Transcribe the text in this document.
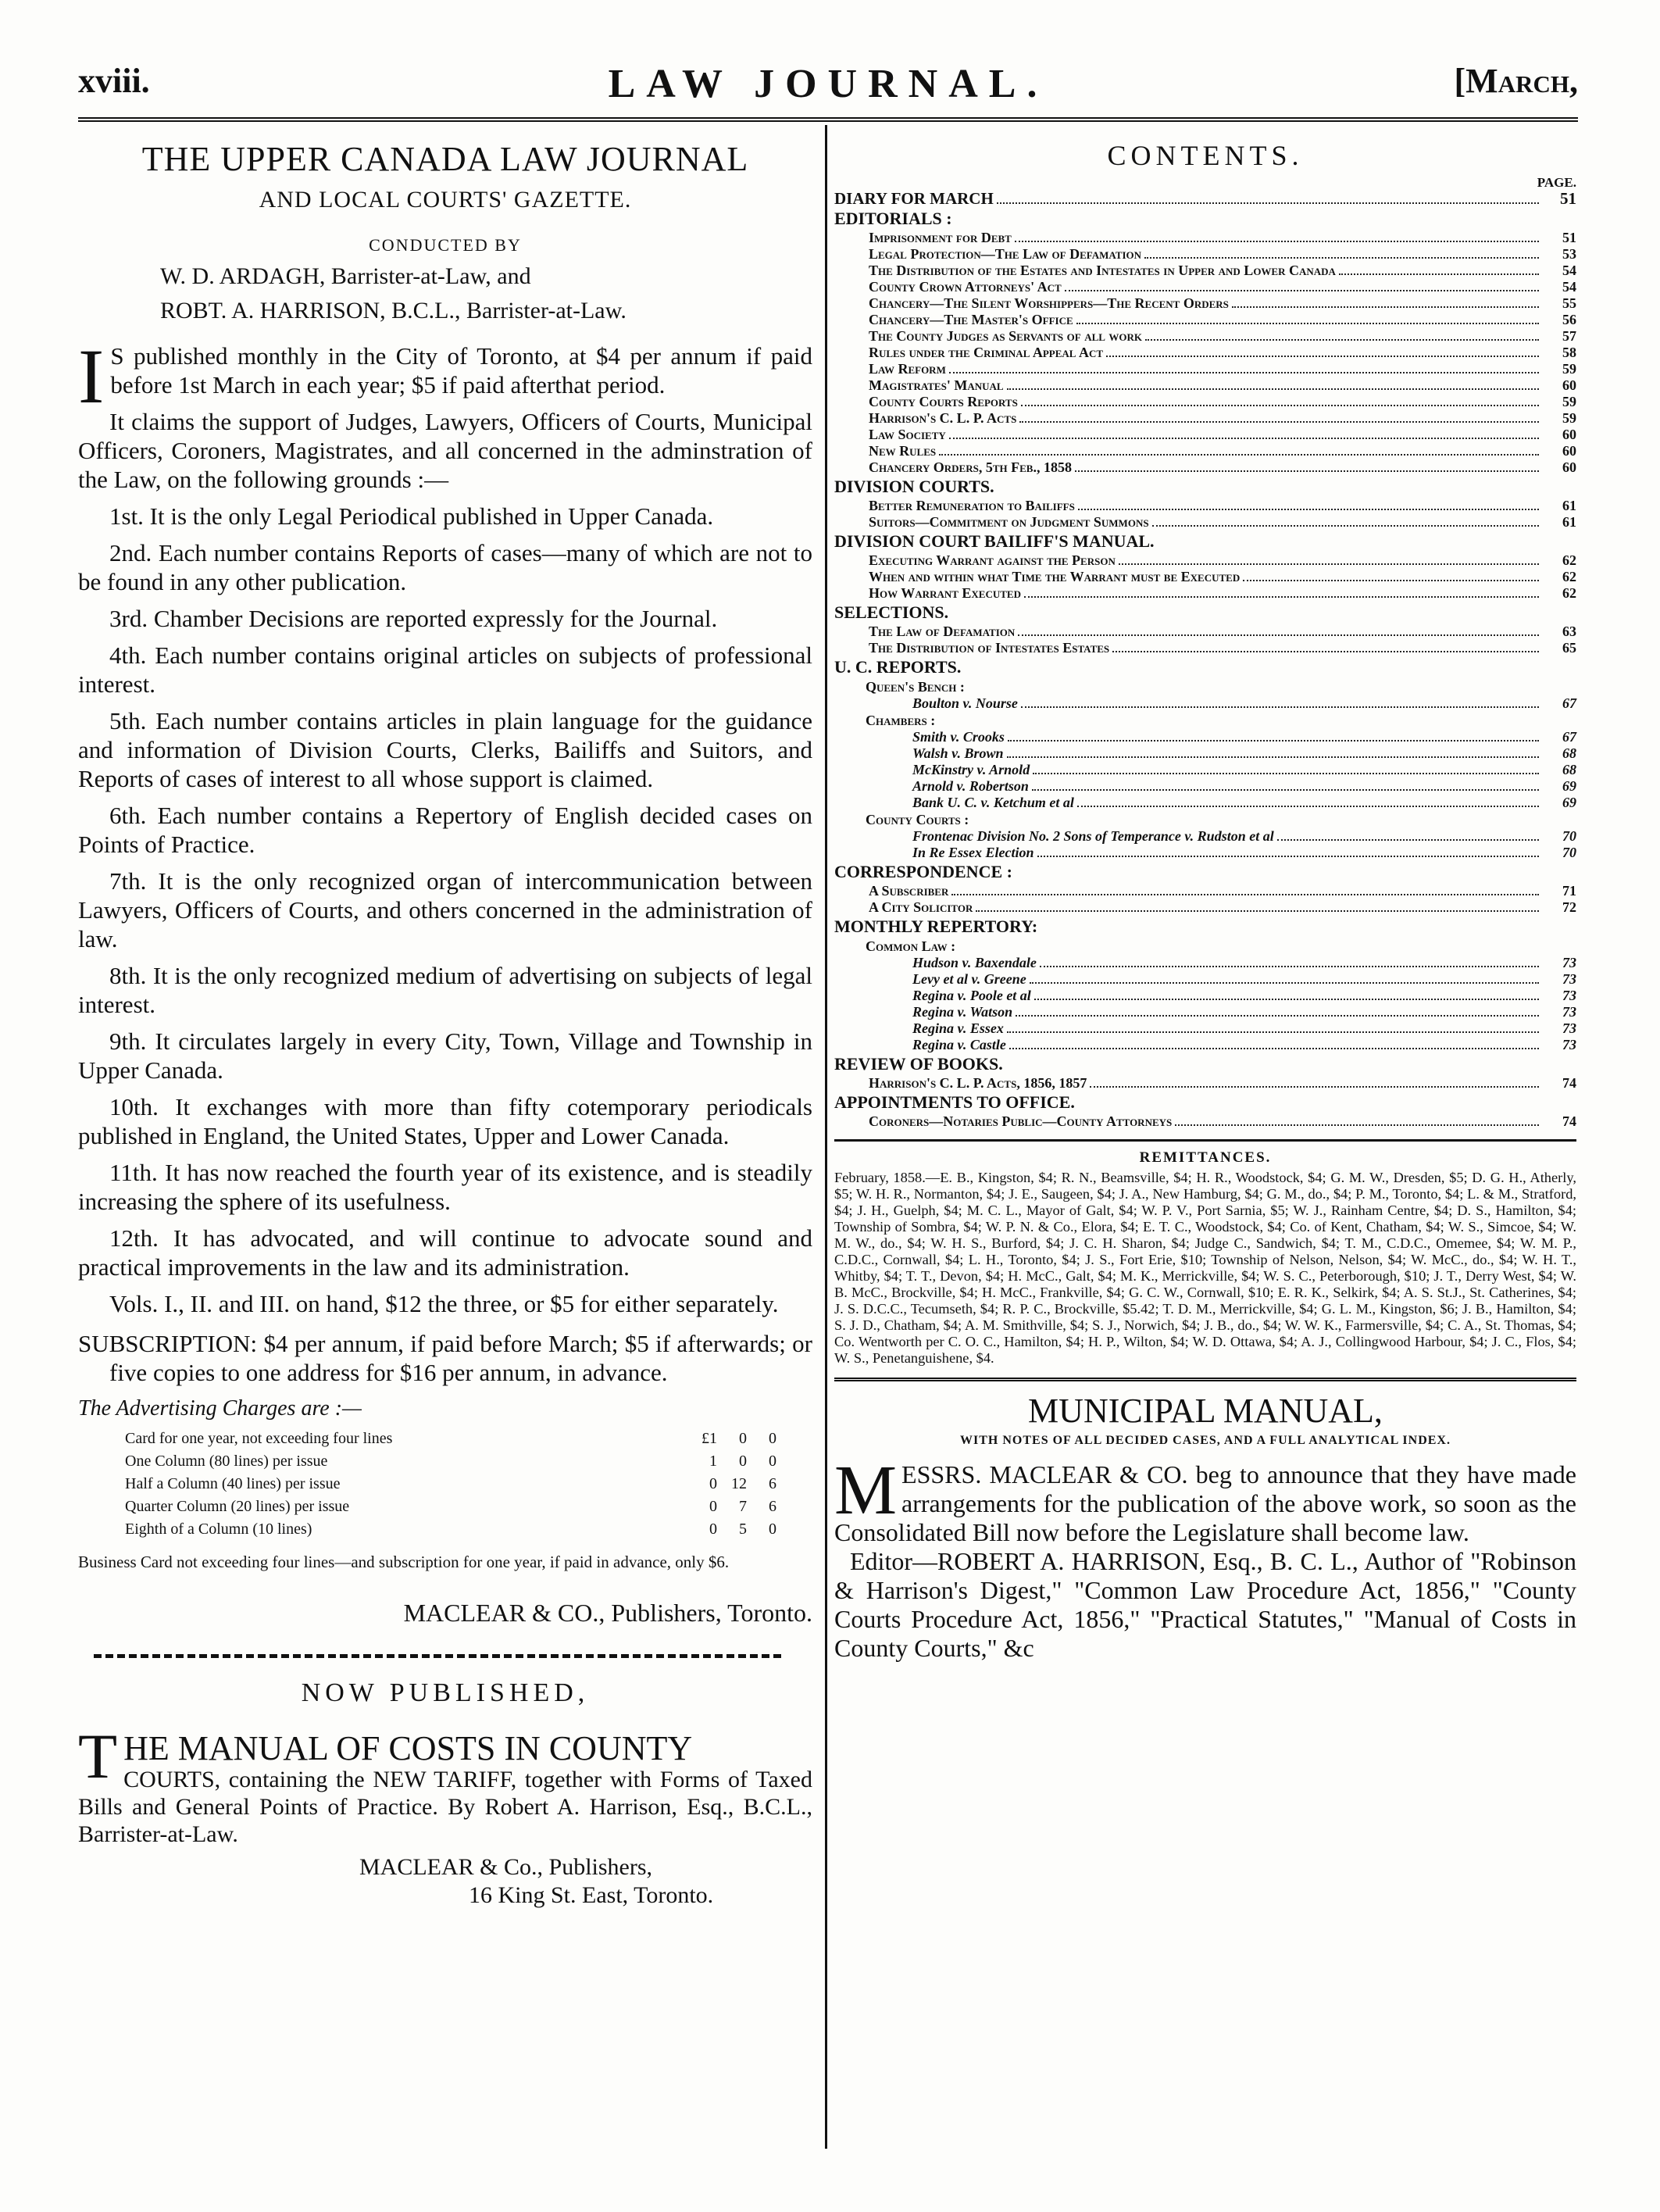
xviii.	LAW JOURNAL.	[March,
THE UPPER CANADA LAW JOURNAL
AND LOCAL COURTS' GAZETTE.
CONDUCTED BY
W. D. ARDAGH, Barrister-at-Law, and
ROBT. A. HARRISON, B.C.L., Barrister-at-Law.

I S published monthly in the City of Toronto, at $4 per annum if paid before 1st March in each year; $5 if paid afterthat period.

It claims the support of Judges, Lawyers, Officers of Courts, Municipal Officers, Coroners, Magistrates, and all concerned in the adminstration of the Law, on the following grounds :—

1st. It is the only Legal Periodical published in Upper Canada.

2nd. Each number contains Reports of cases—many of which are not to be found in any other publication.

3rd. Chamber Decisions are reported expressly for the Journal.

4th. Each number contains original articles on subjects of professional interest.

5th. Each number contains articles in plain language for the guidance and information of Division Courts, Clerks, Bailiffs and Suitors, and Reports of cases of interest to all whose support is claimed.

6th. Each number contains a Repertory of English decided cases on Points of Practice.

7th. It is the only recognized organ of intercommunication between Lawyers, Officers of Courts, and others concerned in the administration of law.

8th. It is the only recognized medium of advertising on subjects of legal interest.

9th. It circulates largely in every City, Town, Village and Township in Upper Canada.

10th. It exchanges with more than fifty cotemporary periodicals published in England, the United States, Upper and Lower Canada.

11th. It has now reached the fourth year of its existence, and is steadily increasing the sphere of its usefulness.

12th. It has advocated, and will continue to advocate sound and practical improvements in the law and its administration.

Vols. I., II. and III. on hand, $12 the three, or $5 for either separately.

SUBSCRIPTION: $4 per annum, if paid before March; $5 if afterwards; or five copies to one address for $16 per annum, in advance.

The Advertising Charges are :—
Card for one year, not exceeding four lines	£1	0	0
One Column (80 lines) per issue	1	0	0
Half a Column (40 lines) per issue	0	12	6
Quarter Column (20 lines) per issue	0	7	6
Eighth of a Column (10 lines)	0	5	0
Business Card not exceeding four lines—and subscription for one year, if paid in advance, only $6.
MACLEAR & CO., Publishers, Toronto.
NOW PUBLISHED,
THE MANUAL OF COSTS IN COUNTY
COURTS, containing the NEW TARIFF, together with Forms of Taxed Bills and General Points of Practice. By Robert A. Harrison, Esq., B.C.L., Barrister-at-Law.
MACLEAR & Co., Publishers,
16 King St. East, Toronto.
CONTENTS.
PAGE.
DIARY FOR MARCH	51
EDITORIALS :
Imprisonment for Debt	51
Legal Protection—The Law of Defamation	53
The Distribution of the Estates and Intestates in Upper and Lower Canada	54
County Crown Attorneys' Act	54
Chancery—The Silent Worshippers—The Recent Orders	55
Chancery—The Master's Office	56
The County Judges as Servants of all work	57
Rules under the Criminal Appeal Act	58
Law Reform	59
Magistrates' Manual	60
County Courts Reports	59
Harrison's C. L. P. Acts	59
Law Society	60
New Rules	60
Chancery Orders, 5th Feb., 1858	60
DIVISION COURTS.
Better Remuneration to Bailiffs	61
Suitors—Commitment on Judgment Summons	61
DIVISION COURT BAILIFF'S MANUAL.
Executing Warrant against the Person	62
When and within what Time the Warrant must be Executed	62
How Warrant Executed	62
SELECTIONS.
The Law of Defamation	63
The Distribution of Intestates Estates	65
U. C. REPORTS.
Queen's Bench :
Boulton v. Nourse	67
Chambers :
Smith v. Crooks	67
Walsh v. Brown	68
McKinstry v. Arnold	68
Arnold v. Robertson	69
Bank U. C. v. Ketchum et al	69
County Courts :
Frontenac Division No. 2 Sons of Temperance v. Rudston et al	70
In Re Essex Election	70
CORRESPONDENCE :
A Subscriber	71
A City Solicitor	72
MONTHLY REPERTORY:
Common Law :
Hudson v. Baxendale	73
Levy et al v. Greene	73
Regina v. Poole et al	73
Regina v. Watson	73
Regina v. Essex	73
Regina v. Castle	73
REVIEW OF BOOKS.
Harrison's C. L. P. Acts, 1856, 1857	74
APPOINTMENTS TO OFFICE.
Coroners—Notaries Public—County Attorneys	74
REMITTANCES.
February, 1858.—E. B., Kingston, $4; R. N., Beamsville, $4; H. R., Woodstock, $4; G. M. W., Dresden, $5; D. G. H., Atherly, $5; W. H. R., Normanton, $4; J. E., Saugeen, $4; J. A., New Hamburg, $4; G. M., do., $4; P. M., Toronto, $4; L. & M., Stratford, $4; J. H., Guelph, $4; M. C. L., Mayor of Galt, $4; W. P. V., Port Sarnia, $5; W. J., Rainham Centre, $4; D. S., Hamilton, $4; Township of Sombra, $4; W. P. N. & Co., Elora, $4; E. T. C., Woodstock, $4; Co. of Kent, Chatham, $4; W. S., Simcoe, $4; W. M. W., do., $4; W. H. S., Burford, $4; J. C. H. Sharon, $4; Judge C., Sandwich, $4; T. M., C.D.C., Omemee, $4; W. M. P., C.D.C., Cornwall, $4; L. H., Toronto, $4; J. S., Fort Erie, $10; Township of Nelson, Nelson, $4; W. McC., do., $4; W. H. T., Whitby, $4; T. T., Devon, $4; H. McC., Galt, $4; M. K., Merrickville, $4; W. S. C., Peterborough, $10; J. T., Derry West, $4; W. B. McC., Brockville, $4; H. McC., Frankville, $4; G. C. W., Cornwall, $10; E. R. K., Selkirk, $4; A. S. St.J., St. Catherines, $4; J. S. D.C.C., Tecumseth, $4; R. P. C., Brockville, $5.42; T. D. M., Merrickville, $4; G. L. M., Kingston, $6; J. B., Hamilton, $4; S. J. D., Chatham, $4; A. M. Smithville, $4; S. J., Norwich, $4; J. B., do., $4; W. W. K., Farmersville, $4; C. A., St. Thomas, $4; Co. Wentworth per C. O. C., Hamilton, $4; H. P., Wilton, $4; W. D. Ottawa, $4; A. J., Collingwood Harbour, $4; J. C., Flos, $4; W. S., Penetanguishene, $4.
MUNICIPAL MANUAL,
WITH NOTES OF ALL DECIDED CASES, AND A FULL ANALYTICAL INDEX.
MESSRS. MACLEAR & CO. beg to announce that they have made arrangements for the publication of the above work, so soon as the Consolidated Bill now before the Legislature shall become law.
Editor—ROBERT A. HARRISON, Esq., B. C. L., Author of "Robinson & Harrison's Digest," "Common Law Procedure Act, 1856," "County Courts Procedure Act, 1856," "Practical Statutes," "Manual of Costs in County Courts," &c
